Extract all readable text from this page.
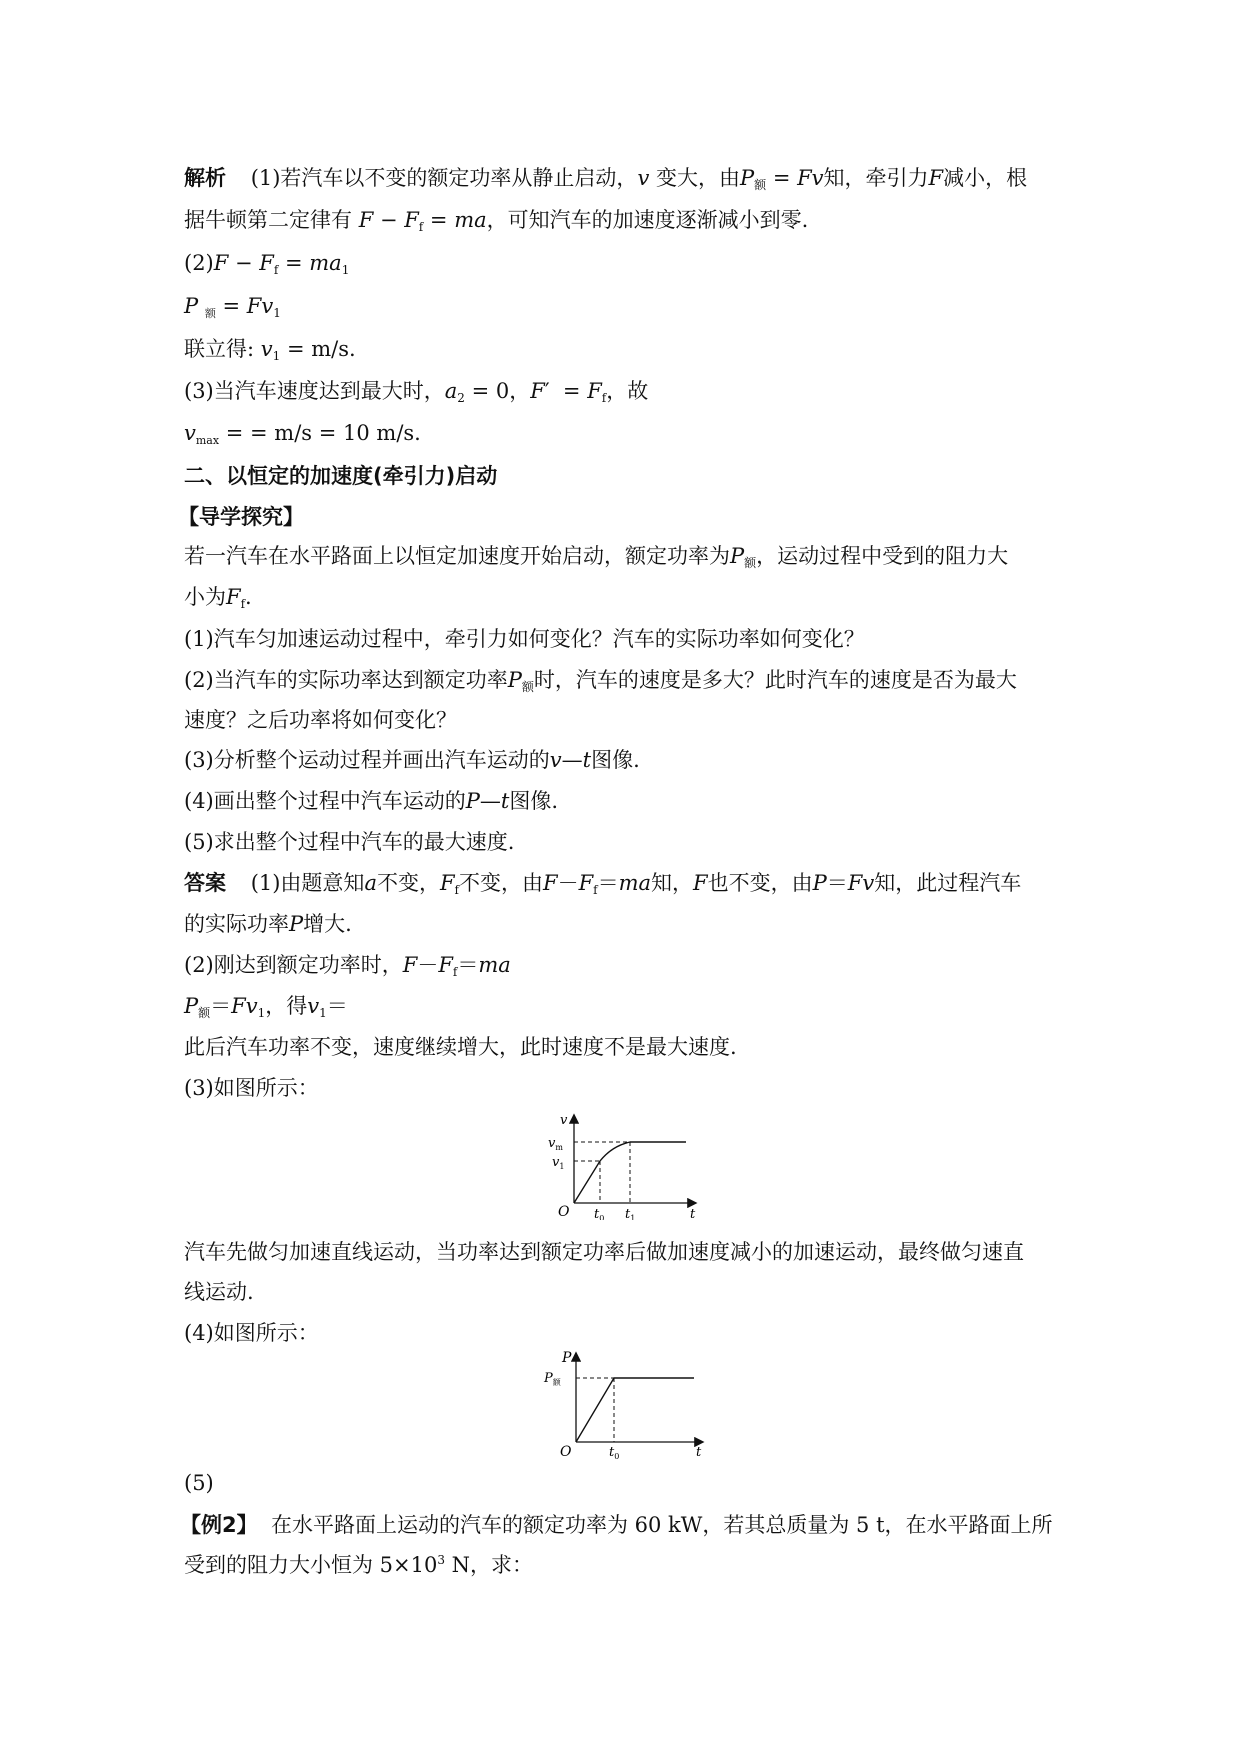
解析 (1)若汽车以不变的额定功率从静止启动，v 变大，由$P_额 = Fv$知，牵引力F减小，根
据牛顿第二定律有 $F - F_f$ = ma，可知汽车的加速度逐渐减小到零.
$(2)F - F_f = ma_1$
P $_额 = Fv_1$
联立得: $v_1 = m/s$.
(3)当汽车速度达到最大时，$a_2 = 0$，$F' = F_f$，故
$v_{max}$ = = m/s = 10 m/s.
二、以恒定的加速度(牵引力)启动
【导学探究】
若一汽车在水平路面上以恒定加速度开始启动，额定功率为$P_额$，运动过程中受到的阻力大
小为$F_f$.
(1)汽车匀加速运动过程中，牵引力如何变化？汽车的实际功率如何变化？
(2)当汽车的实际功率达到额定功率$P_额$时，汽车的速度是多大？此时汽车的速度是否为最大
速度？之后功率将如何变化？
(3)分析整个运动过程并画出汽车运动的v—t图像.
(4)画出整个过程中汽车运动的P—t图像.
(5)求出整个过程中汽车的最大速度.
答案 (1)由题意知a不变，$F_f$不变，由$F-F_f=ma$知，F也不变，由P＝Fv知，此过程汽车
的实际功率P增大.
(2)刚达到额定功率时，$F-F_f=ma$
$P_额=Fv_1$，得$v_1=$
此后汽车功率不变，速度继续增大，此时速度不是最大速度.
(3)如图所示：
v
$v_m$
$v_1$
O $t_0$ $t_1$	t
汽车先做匀加速直线运动，当功率达到额定功率后做加速度减小的加速运动，最终做匀速直
线运动.
(4)如图所示：
P
$P_额$
O	$t_0$	t
(5)
【例2】 在水平路面上运动的汽车的额定功率为 60 kW，若其总质量为 5 t，在水平路面上所
受到的阻力大小恒为 $5\times 10^3$ N，求：
